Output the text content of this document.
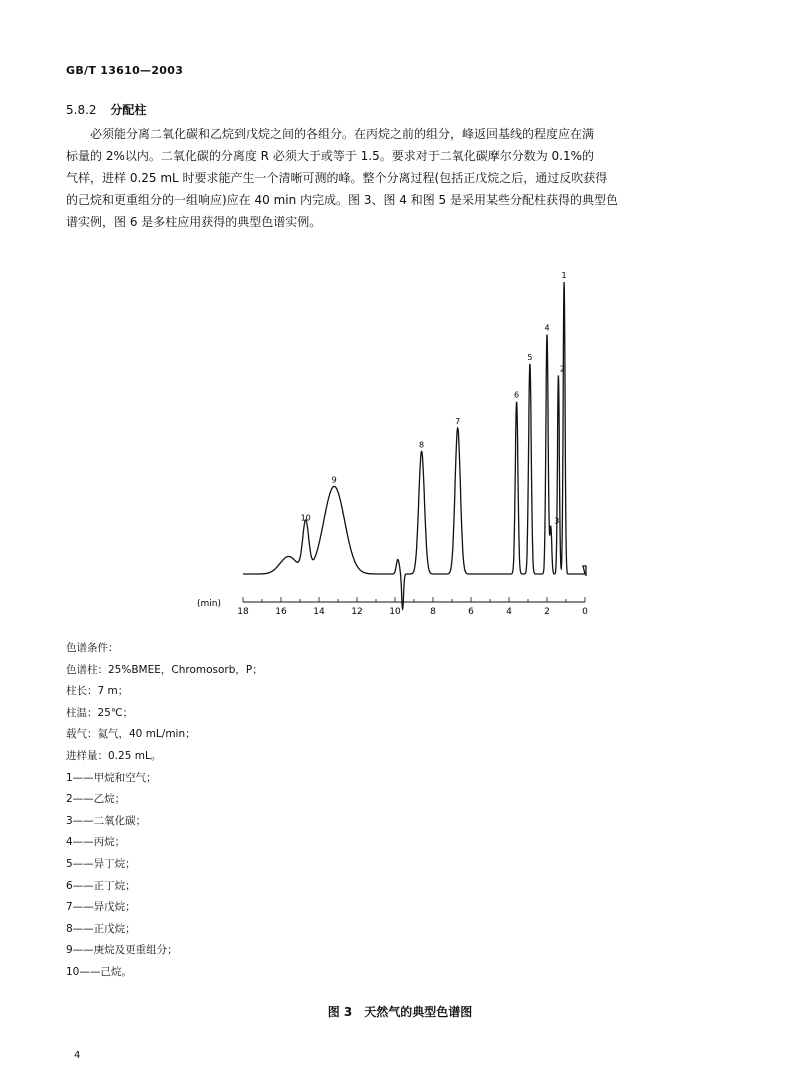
GB/T 13610—2003
5.8.2 分配柱
必须能分离二氧化碳和乙烷到戊烷之间的各组分。在丙烷之前的组分，峰返回基线的程度应在满
标量的 2%以内。二氧化碳的分离度 R 必须大于或等于 1.5。要求对于二氧化碳摩尔分数为 0.1%的
气样，进样 0.25 mL 时要求能产生一个清晰可测的峰。整个分离过程(包括正戊烷之后，通过反吹获得
的己烷和更重组分的一组响应)应在 40 min 内完成。图 3、图 4 和图 5 是采用某些分配柱获得的典型色
谱实例，图 6 是多柱应用获得的典型色谱实例。
1
2
3
4
5
6
7
8
9
10
18	16	14	12	10	8	6	4	2	0
(min)
色谱条件：
色谱柱：25%BMEE，Chromosorb，P；
柱长：7 m；
柱温：25℃；
载气：氦气，40 mL/min；
进样量：0.25 mL。
1——甲烷和空气；
2——乙烷；
3——二氧化碳；
4——丙烷；
5——异丁烷；
6——正丁烷；
7——异戊烷；
8——正戊烷；
9——庚烷及更重组分；
10——己烷。
图 3　天然气的典型色谱图
4
